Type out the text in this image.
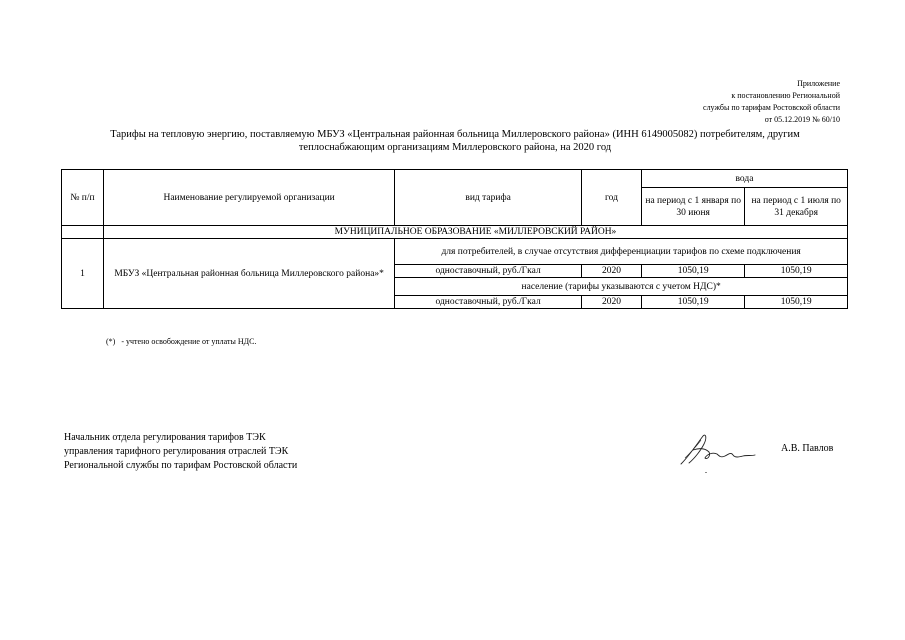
Приложение
к постановлению Региональной
службы по тарифам Ростовской области
от 05.12.2019 № 60/10
Тарифы на тепловую энергию, поставляемую МБУЗ «Центральная районная больница Миллеровского района» (ИНН 6149005082) потребителям, другим
теплоснабжающим организациям Миллеровского района, на 2020 год
№ п/п	Наименование регулируемой организации	вид тарифа	год	вода	
				на период с 1 января по 30 июня	на период с 1 июля по 31 декабря
	МУНИЦИПАЛЬНОЕ ОБРАЗОВАНИЕ «МИЛЛЕРОВСКИЙ РАЙОН»				
1	МБУЗ «Центральная районная больница Миллеровского района»*	для потребителей, в случае отсутствия дифференциации тарифов по схеме подключения			
		одноставочный, руб./Гкал	2020	1050,19	1050,19
		население (тарифы указываются с учетом НДС)*			
		одноставочный, руб./Гкал	2020	1050,19	1050,19
(*) - учтено освобождение от уплаты НДС.
Начальник отдела регулирования тарифов ТЭК
управления тарифного регулирования отраслей ТЭК
Региональной службы по тарифам Ростовской области
А.В. Павлов
